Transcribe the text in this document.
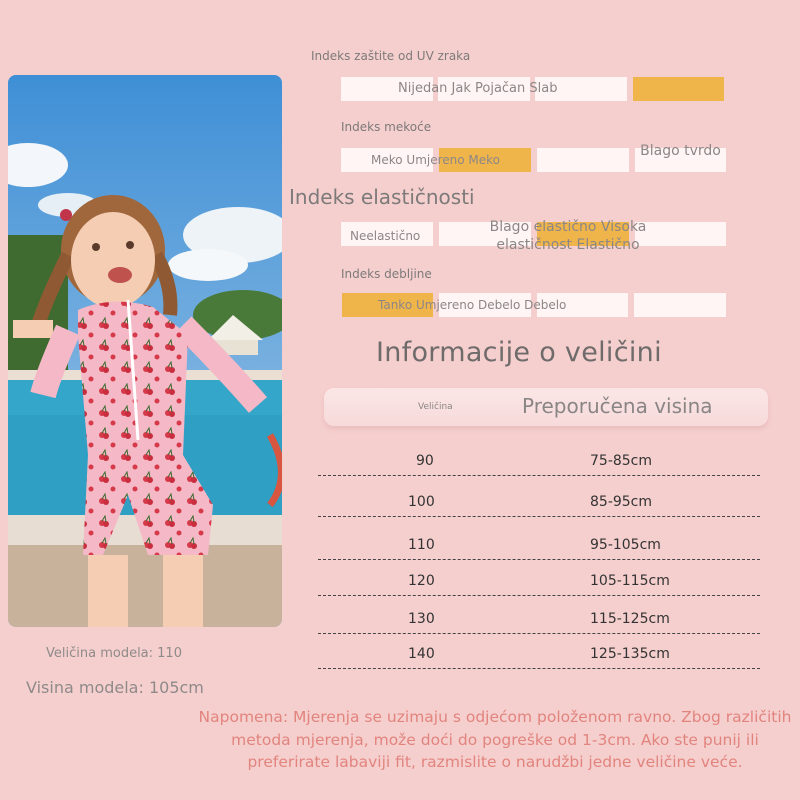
Veličina modela: 110
Visina modela: 105cm
Indeks zaštite od UV zraka
Nijedan Jak Pojačan Slab
Indeks mekoće
Meko Umjereno Meko
Blago tvrdo
Indeks elastičnosti
Neelastično
Blago elastično Visoka elastičnost Elastično
Indeks debljine
Tanko Umjereno Debelo Debelo
Informacije o veličini
Veličina	Preporučena visina
90	75-85cm
100	85-95cm
110	95-105cm
120	105-115cm
130	115-125cm
140	125-135cm
Napomena: Mjerenja se uzimaju s odjećom položenom ravno. Zbog različitih metoda mjerenja, može doći do pogreške od 1-3cm. Ako ste punij ili preferirate labaviji fit, razmislite o narudžbi jedne veličine veće.
